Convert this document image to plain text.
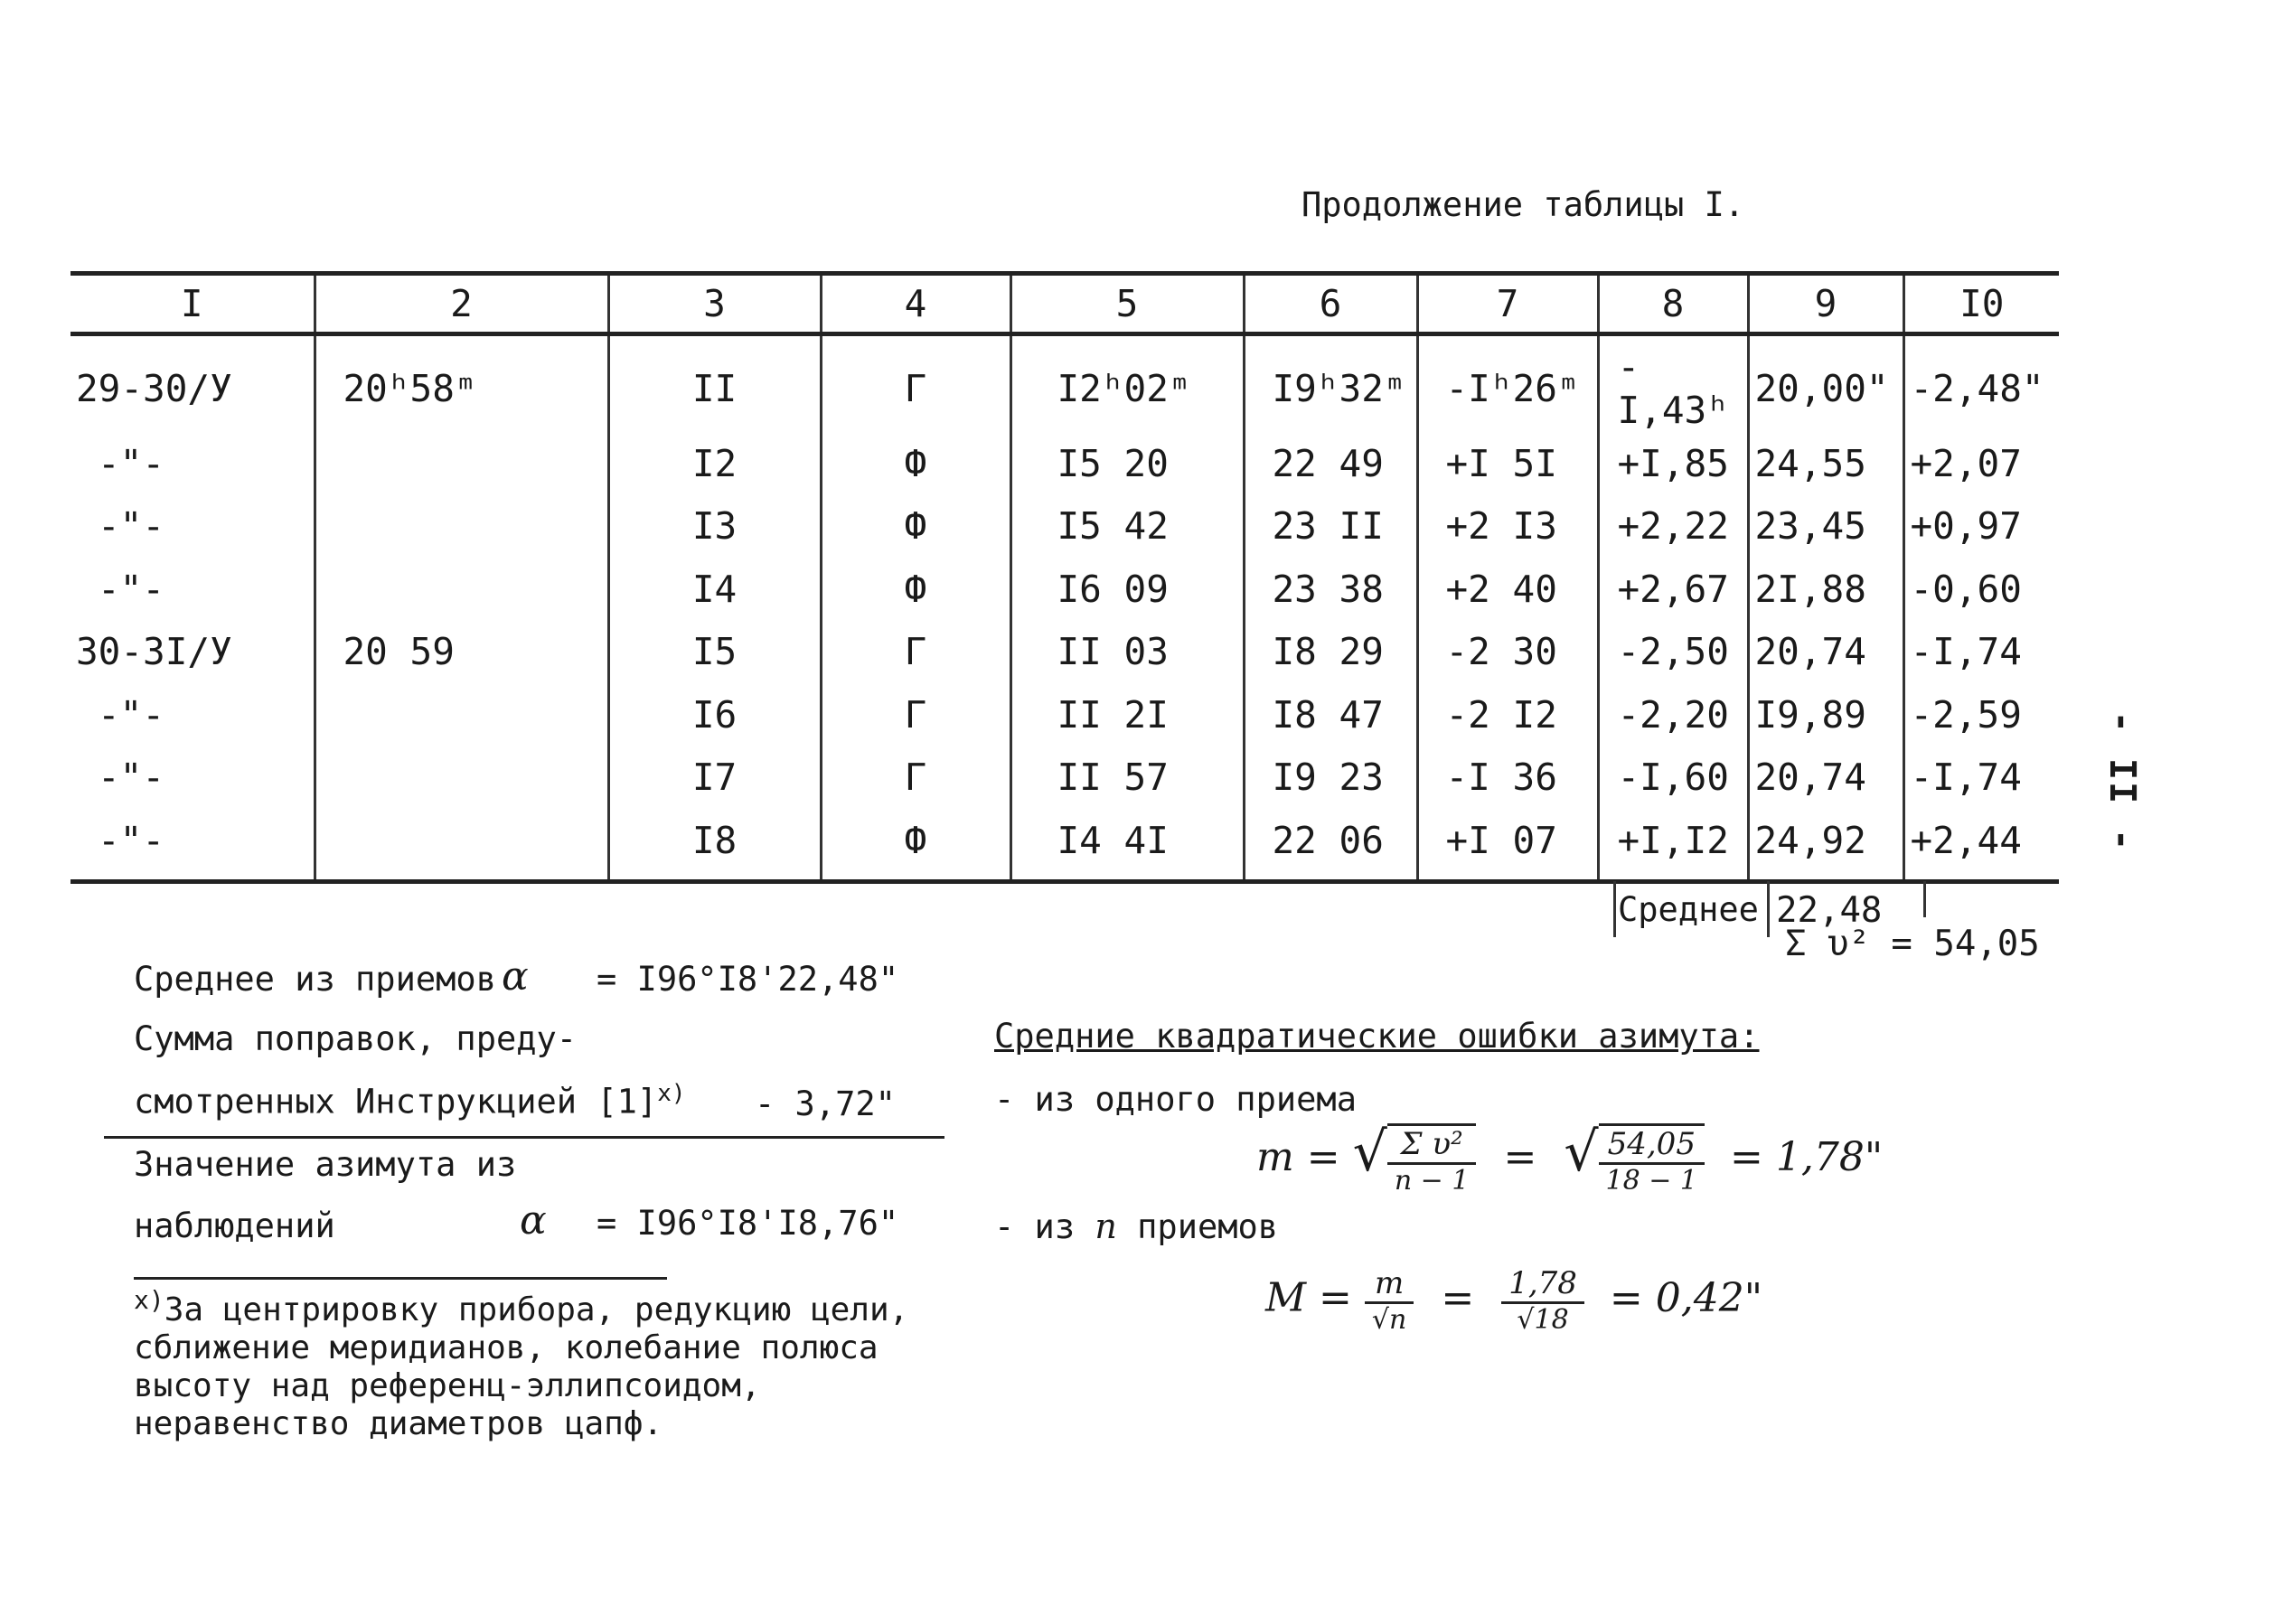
Продолжение таблицы I.
- II -
I	2	3	4	5	6	7	8	9	I0
29-30/У	20ʰ58ᵐ	II	Г	I2ʰ02ᵐ	I9ʰ32ᵐ	-Iʰ26ᵐ	-I,43ʰ	20,00"	-2,48"
-"-		I2	Ф	I5 20	22 49	+I 5I	+I,85	24,55	+2,07
-"-		I3	Ф	I5 42	23 II	+2 I3	+2,22	23,45	+0,97
-"-		I4	Ф	I6 09	23 38	+2 40	+2,67	2I,88	-0,60
30-3I/У	20 59	I5	Г	II 03	I8 29	-2 30	-2,50	20,74	-I,74
-"-		I6	Г	II 2I	I8 47	-2 I2	-2,20	I9,89	-2,59
-"-		I7	Г	II 57	I9 23	-I 36	-I,60	20,74	-I,74
-"-		I8	Ф	I4 4I	22 06	+I 07	+I,I2	24,92	+2,44
Среднее 22,48
Σ υ² = 54,05
Среднее из приемов α = I96°I8'22,48"
Сумма поправок, преду-
смотренных Инструкцией $[1]^{x)} - 3,72$"
Значение азимута из
наблюдений	α = I96°I8'I8,76"
$^{x)}$За центрировку прибора, редукцию цели, сближение меридианов, колебание полюса высоту над референц-эллипсоидом, неравенство диаметров цапф.
Средние квадратические ошибки азимута:
- из одного приема
m = √ $\frac{\text{Σ υ²}}{n - 1}$ = √ $\frac{54,05}{18 - 1} = 1,78$"
- из n приемов
$M = \frac{m}{√n} = \frac{1,78}{√18} = 0,42$"
